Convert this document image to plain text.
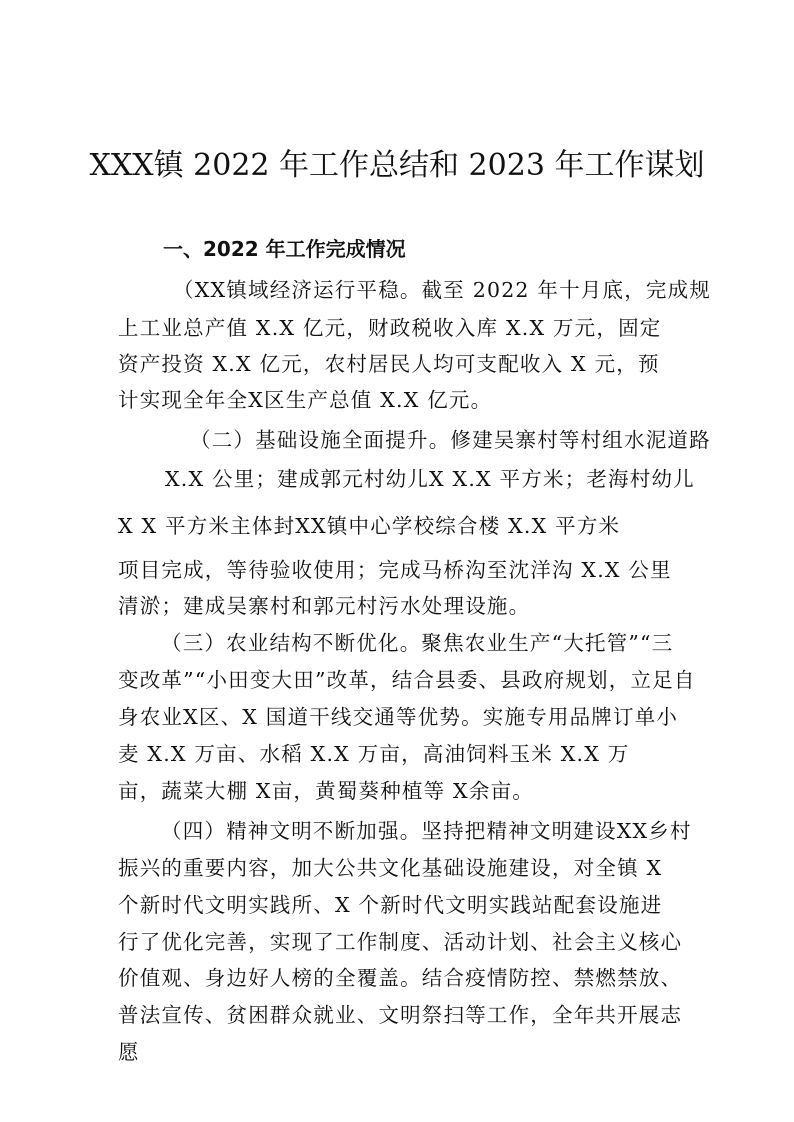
XXX镇 2022 年工作总结和 2023 年工作谋划
一、2022 年工作完成情况
（XX镇域经济运行平稳。截至 2022 年十月底，完成规
上工业总产值 X.X 亿元，财政税收入库 X.X 万元，固定
资产投资 X.X 亿元，农村居民人均可支配收入 X 元，预
计实现全年全X区生产总值 X.X 亿元。
（二）基础设施全面提升。修建吴寨村等村组水泥道路
X.X 公里；建成郭元村幼儿X X.X 平方米；老海村幼儿
X X 平方米主体封XX镇中心学校综合楼 X.X 平方米
项目完成，等待验收使用；完成马桥沟至沈洋沟 X.X 公里
清淤；建成吴寨村和郭元村污水处理设施。
（三）农业结构不断优化。聚焦农业生产“大托管”“三
变改革”“小田变大田”改革，结合县委、县政府规划，立足自
身农业X区、X 国道干线交通等优势。实施专用品牌订单小
麦 X.X 万亩、水稻 X.X 万亩，高油饲料玉米 X.X 万
亩，蔬菜大棚 X亩，黄蜀葵种植等 X余亩。
（四）精神文明不断加强。坚持把精神文明建设XX乡村
振兴的重要内容，加大公共文化基础设施建设，对全镇 X
个新时代文明实践所、X 个新时代文明实践站配套设施进
行了优化完善，实现了工作制度、活动计划、社会主义核心
价值观、身边好人榜的全覆盖。结合疫情防控、禁燃禁放、
普法宣传、贫困群众就业、文明祭扫等工作，全年共开展志
愿
